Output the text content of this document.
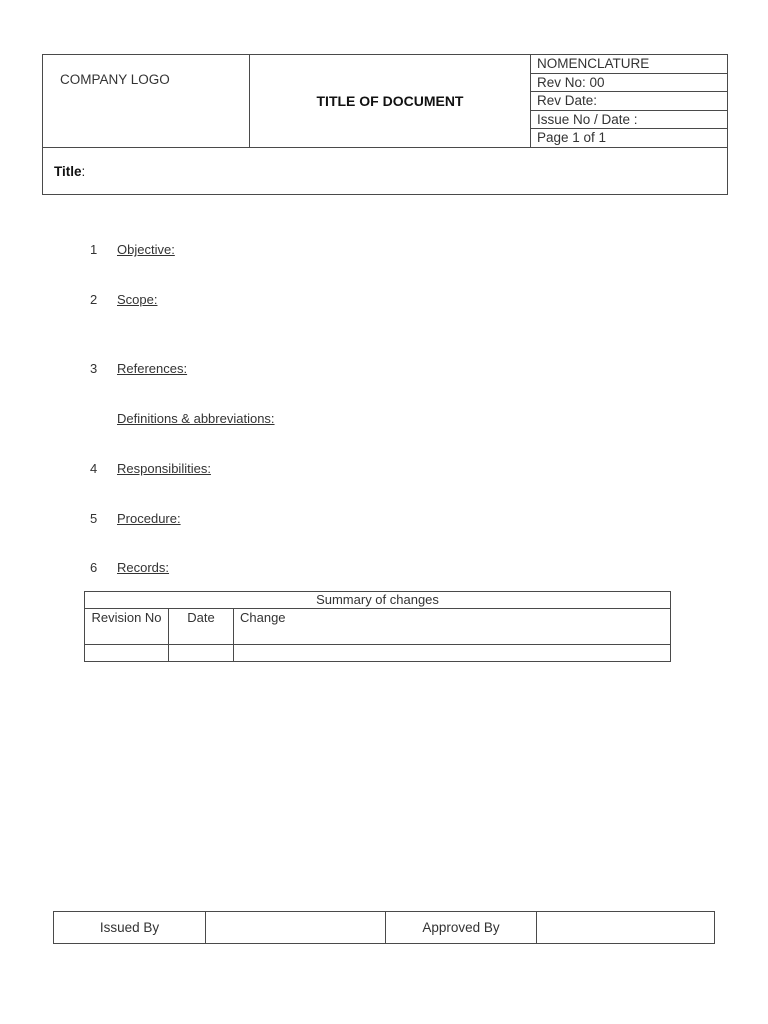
COMPANY LOGO
	TITLE OF DOCUMENT	
NOMENCLATURE
Rev No: 00
Rev Date:
Issue No / Date :
Page 1 of 1

Title:
1 Objective:
2 Scope:
3 References:
Definitions & abbreviations:
4 Responsibilities:
5 Procedure:
6 Records:
Summary of changes		
Revision No	Date	Change

Issued By		Approved By	
